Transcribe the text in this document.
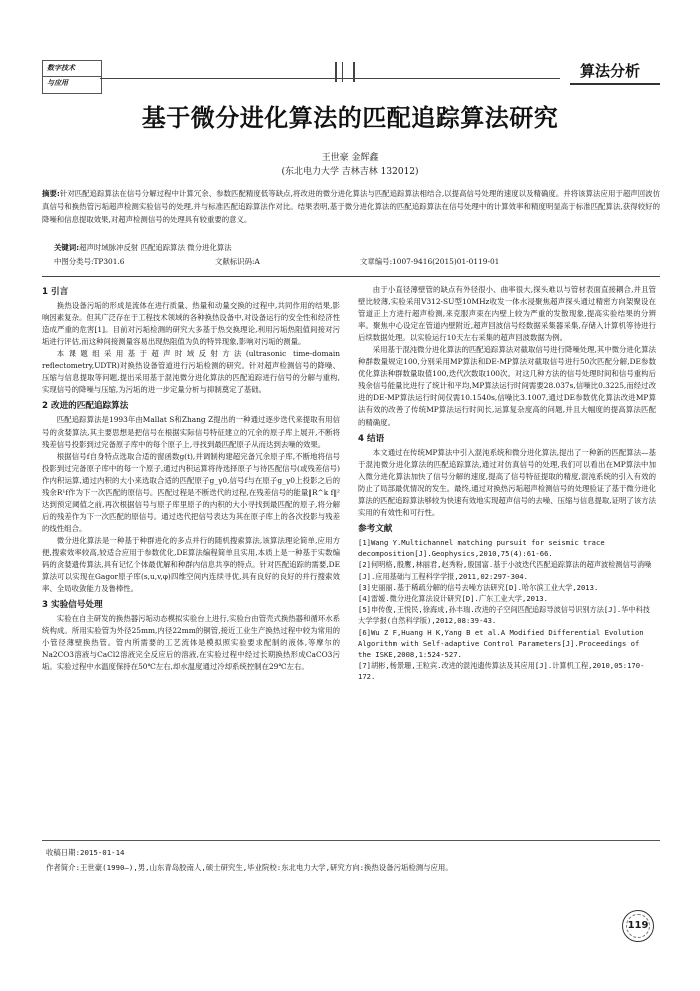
数字技术
与应用
算法分析
基于微分进化算法的匹配追踪算法研究
王世豪 金辉鑫
(东北电力大学 吉林吉林 132012)
摘要:针对匹配追踪算法在信号分解过程中计算冗余、参数匹配精度低等缺点,将改进的微分进化算法与匹配追踪算法相结合,以提高信号处理的速度以及精确度。并将该算法应用于超声回波仿真信号和换热管污垢超声检测实验信号的处理,并与标准匹配追踪算法作对比。结果表明,基于微分进化算法的匹配追踪算法在信号处理中的计算效率和精度明显高于标准匹配算法,获得较好的降噪和信息提取效果,对超声检测信号的处理具有较重要的意义。
关键词:超声时域脉冲反射 匹配追踪算法 微分进化算法
中图分类号:TP301.6	文献标识码:A	文章编号:1007-9416(2015)01-0119-01
1 引言

换热设备污垢的形成是流体在进行质量、热量和动量交换的过程中,共同作用的结果,影响因素复杂。但其广泛存在于工程技术领域的各种换热设备中,对设备运行的安全性和经济性造成严重的危害[1]。目前对污垢检测的研究大多基于热交换理论,利用污垢热阻值间接对污垢进行评估,而这种间接测量容易出现热阻值为负的特异现象,影响对污垢的测量。

本课题组采用基于超声时域反射方法(ultrasonic time-domain reflectometry,UDTR)对换热设备管道进行污垢检测的研究。针对超声检测信号的降噪、压缩与信息提取等问题,提出采用基于混沌微分进化算法的匹配追踪进行信号的分解与重构,实现信号的降噪与压缩,为污垢的进一步定量分析与抑制奠定了基础。

2 改进的匹配追踪算法

匹配追踪算法是1993年由Mallat S和Zhang Z提出的一种通过逐步迭代来提取有用信号的贪婪算法,其主要思想是把信号在根据实际信号特征建立的冗余的原子库上展开,不断将残差信号投影到过完备原子库中的每个原子上,寻找到最匹配原子从而达到去噪的效果。

根据信号f自身特点选取合适的窗函数g(t),并调制构建超完备冗余原子库,不断地将信号投影到过完备原子库中的每一个原子,通过内积运算将待选择原子与待匹配信号(或残差信号)作内积运算,通过内积的大小来选取合适的匹配原子g_γ0,信号f与在原子g_γ0上投影之后的残余R¹f作为下一次匹配的原信号。匹配过程是不断迭代的过程,在残差信号的能量‖R^k f‖²达到预定阈值之前,再次根据信号与原子库里原子的内积的大小寻找到最匹配的原子,将分解后的残差作为下一次匹配的原信号。通过迭代把信号表达为其在原子库上的各次投影与残差的线性组合。

微分进化算法是一种基于种群进化的多点并行的随机搜索算法,该算法理论简单,应用方便,搜索效率较高,较适合应用于参数优化,DE算法编程简单且实用,本质上是一种基于实数编码的贪婪遗传算法,具有记忆个体最优解和种群内信息共享的特点。针对匹配追踪的需要,DE算法可以实现在Gagor原子库(s,u,v,φ)四维空间内连续寻优,具有良好的良好的并行搜索效率、全局收敛能力及鲁棒性。

3 实验信号处理

实验在自主研发的换热器污垢动态模拟实验台上进行,实验台由管壳式换热器和循环水系统构成。所用实验管为外径25mm,内径22mm的铜管,接近工业生产换热过程中较为常用的小管径薄壁换热管。管内所需要的工艺流体是模拟照实验要求配制的液体,等摩尔的Na2CO3溶液与CaCl2溶液完全反应后的溶液,在实验过程中经过长期换热形成CaCO3污垢。实验过程中水温度保持在50℃左右,却水温度通过冷却系统控制在29℃左右。

由于小直径薄壁管的缺点有外径很小、曲率很大,探头难以与管材表面直接耦合,并且管壁比较薄,实验采用V312-SU型10MHz收发一体水浸聚焦超声探头通过精密方向架聚设在管道正上方进行超声检测,来克服声束在内壁上较为严重的发散现象,提高实验结果的分辨率。聚焦中心设定在管道内壁附近,超声回波信号经数据采集器采集,存储入计算机等待进行后续数据处理。以实验运行10天左右采集的超声回波数据为例。

采用基于混沌微分进化算法的匹配追踪算法对截取信号进行降噪处理,其中微分进化算法种群数量规定100,分别采用MP算法和DE-MP算法对截取信号进行50次匹配分解,DE参数优化算法种群数量取值100,迭代次数取100次。对这几种方法的信号处理时间和信号重构后残余信号能量比进行了统计和平均,MP算法运行时间需要28.037s,信噪比0.3225,而经过改进的DE-MP算法运行时间仅需10.1540s,信噪比3.1007,通过DE参数优化算法改进MP算法有效的改善了传统MP算法运行时间长,运算复杂度高的问题,并且大幅度的提高算法匹配的精确度。

4 结语

本文通过在传统MP算法中引入混沌系统和微分进化算法,提出了一种新的匹配算法—基于混沌微分进化算法的匹配追踪算法,通过对仿真信号的处理,我们可以看出在MP算法中加入微分进化算法加快了信号分解的速度,提高了信号特征提取的精度,混沌系统的引入有效的防止了局部最优情况的发生。最终,通过对换热污垢超声检测信号的处理验证了基于微分进化算法的匹配追踪算法够较为快速有效地实现超声信号的去噪、压缩与信息提取,证明了该方法实用的有效性和可行性。

参考文献
[1]Wang Y.Multichannel matching pursuit for seismic trace decomposition[J].Geophysics,2010,75(4):61-66.
[2]何明格,殷鹰,林丽君,赵秀粉,殷国富.基于小波迭代匹配追踪算法的超声波检测信号消噪[J].应用基础与工程科学学报,2011,02:297-304.
[3]史丽丽.基于稀疏分解的信号去噪方法研究[D].哈尔滨工业大学,2013.
[4]雷嫒.微分进化算法设计研究[D].广东工业大学,2013.
[5]申传俊,王悦民,徐海成,孙丰瑞.改进的子空间匹配追踪导波信号识别方法[J].华中科技大学学报(自然科学版),2012,08:39-43.
[6]Wu Z F,Huang H K,Yang B et al.A Modified Differential Evolution Algorithm with Self-adaptive Control Parameters[J].Proceedings of the ISKE,2008,1:524-527.
[7]胡彬,杨景珊,王粒宾.改进的混沌遗传算法及其应用[J].计算机工程,2010,05:170-172.
收稿日期:2015-01-14
作者简介:王世豪(1990—),男,山东青岛胶南人,硕士研究生,毕业院校:东北电力大学,研究方向:换热设备污垢检测与应用。
119
